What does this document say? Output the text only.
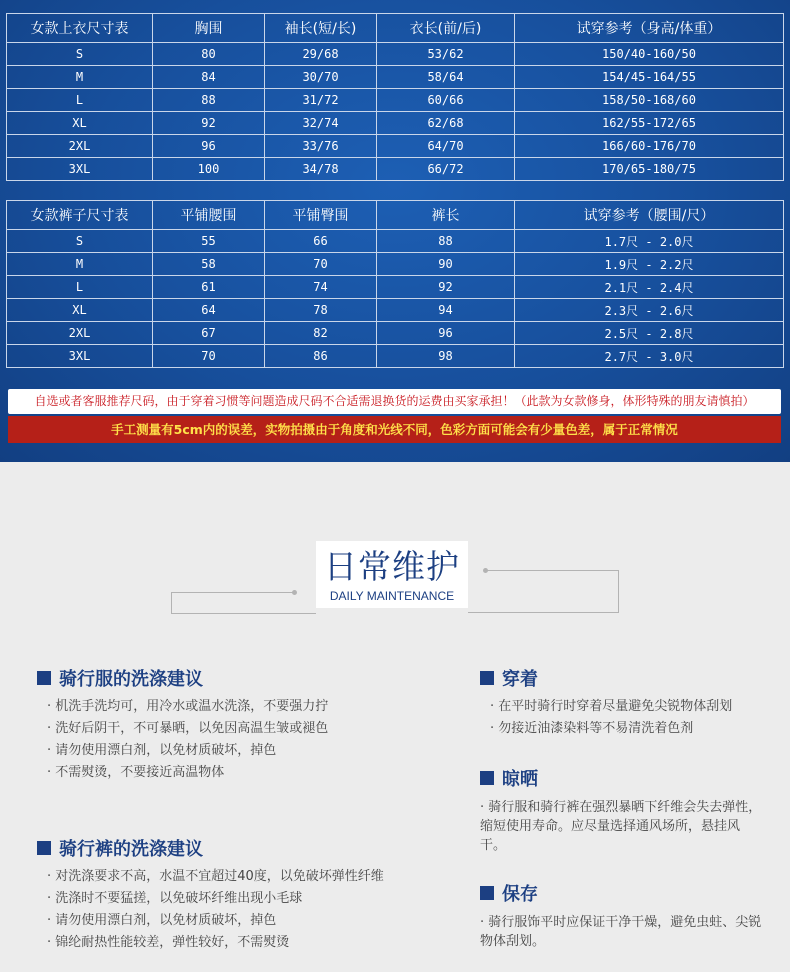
女款上衣尺寸表	胸围	袖长(短/长)	衣长(前/后)	试穿参考（身高/体重）
S	80	29/68	53/62	150/40-160/50
M	84	30/70	58/64	154/45-164/55
L	88	31/72	60/66	158/50-168/60
XL	92	32/74	62/68	162/55-172/65
2XL	96	33/76	64/70	166/60-176/70
3XL	100	34/78	66/72	170/65-180/75
女款裤子尺寸表	平铺腰围	平铺臀围	裤长	试穿参考（腰围/尺）
S	55	66	88	1.7尺 - 2.0尺
M	58	70	90	1.9尺 - 2.2尺
L	61	74	92	2.1尺 - 2.4尺
XL	64	78	94	2.3尺 - 2.6尺
2XL	67	82	96	2.5尺 - 2.8尺
3XL	70	86	98	2.7尺 - 3.0尺
自选或者客服推荐尺码，由于穿着习惯等问题造成尺码不合适需退换货的运费由买家承担！（此款为女款修身，体形特殊的朋友请慎拍）
手工测量有5cm内的误差，实物拍摄由于角度和光线不同，色彩方面可能会有少量色差，属于正常情况
日常维护
DAILY MAINTENANCE
骑行服的洗涤建议
· 机洗手洗均可，用冷水或温水洗涤，不要强力拧
· 洗好后阴干，不可暴晒，以免因高温生皱或褪色
· 请勿使用漂白剂，以免材质破坏，掉色
· 不需熨烫，不要接近高温物体
骑行裤的洗涤建议
· 对洗涤要求不高，水温不宜超过40度，以免破坏弹性纤维
· 洗涤时不要猛搓，以免破坏纤维出现小毛球
· 请勿使用漂白剂，以免材质破坏，掉色
· 锦纶耐热性能较差，弹性较好，不需熨烫
穿着
· 在平时骑行时穿着尽量避免尖锐物体刮划
· 勿接近油漆染料等不易清洗着色剂
晾晒
· 骑行服和骑行裤在强烈暴晒下纤维会失去弹性，缩短使用寿命。应尽量选择通风场所，悬挂风干。
保存
· 骑行服饰平时应保证干净干燥，避免虫蛀、尖锐物体刮划。
